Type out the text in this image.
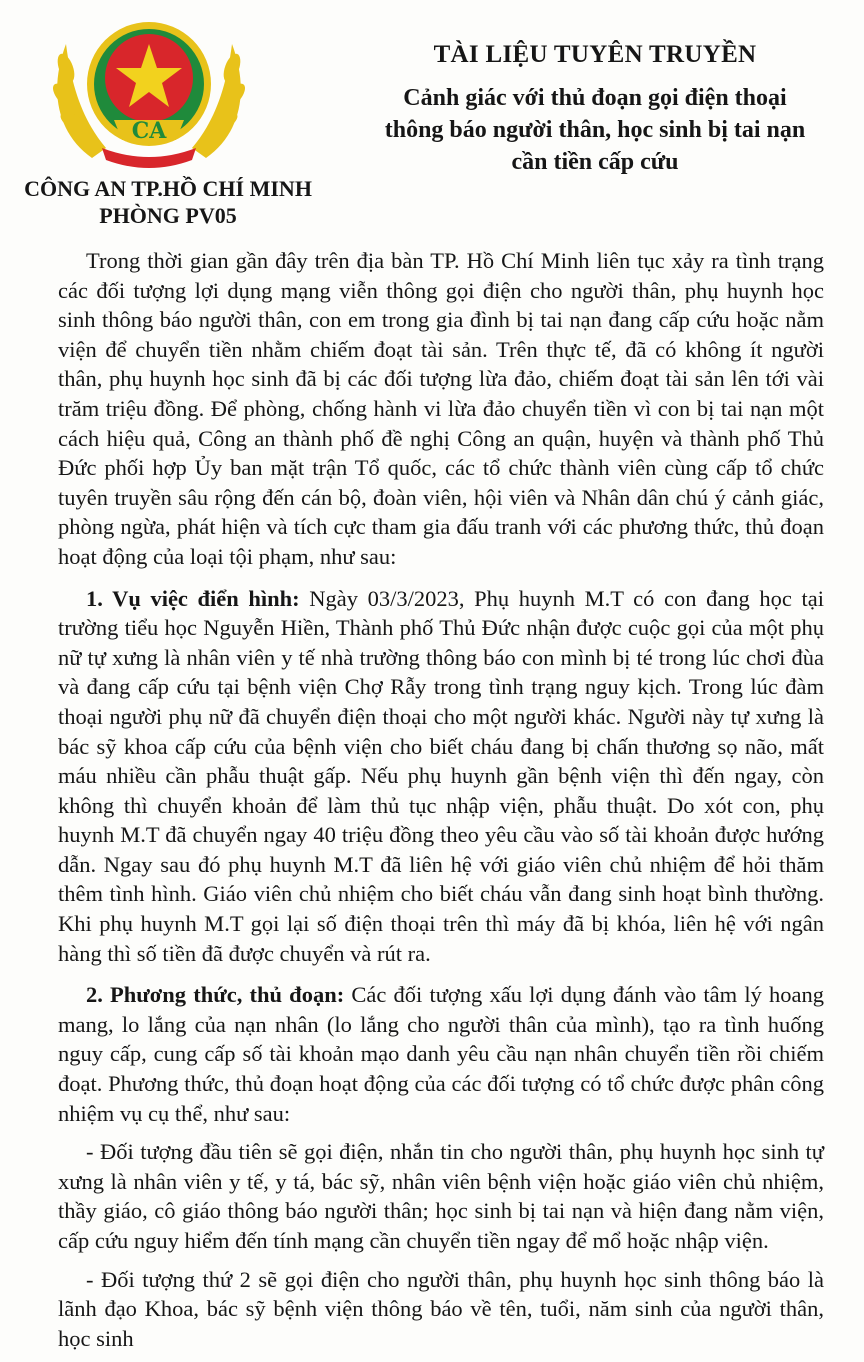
CA
CÔNG AN TP.HỒ CHÍ MINH
PHÒNG PV05
TÀI LIỆU TUYÊN TRUYỀN
Cảnh giác với thủ đoạn gọi điện thoại
thông báo người thân, học sinh bị tai nạn
cần tiền cấp cứu

Trong thời gian gần đây trên địa bàn TP. Hồ Chí Minh liên tục xảy ra tình trạng các đối tượng lợi dụng mạng viễn thông gọi điện cho người thân, phụ huynh học sinh thông báo người thân, con em trong gia đình bị tai nạn đang cấp cứu hoặc nằm viện để chuyển tiền nhằm chiếm đoạt tài sản. Trên thực tế, đã có không ít người thân, phụ huynh học sinh đã bị các đối tượng lừa đảo, chiếm đoạt tài sản lên tới vài trăm triệu đồng. Để phòng, chống hành vi lừa đảo chuyển tiền vì con bị tai nạn một cách hiệu quả, Công an thành phố đề nghị Công an quận, huyện và thành phố Thủ Đức phối hợp Ủy ban mặt trận Tổ quốc, các tổ chức thành viên cùng cấp tổ chức tuyên truyền sâu rộng đến cán bộ, đoàn viên, hội viên và Nhân dân chú ý cảnh giác, phòng ngừa, phát hiện và tích cực tham gia đấu tranh với các phương thức, thủ đoạn hoạt động của loại tội phạm, như sau:

1. Vụ việc điển hình: Ngày 03/3/2023, Phụ huynh M.T có con đang học tại trường tiểu học Nguyễn Hiền, Thành phố Thủ Đức nhận được cuộc gọi của một phụ nữ tự xưng là nhân viên y tế nhà trường thông báo con mình bị té trong lúc chơi đùa và đang cấp cứu tại bệnh viện Chợ Rẫy trong tình trạng nguy kịch. Trong lúc đàm thoại người phụ nữ đã chuyển điện thoại cho một người khác. Người này tự xưng là bác sỹ khoa cấp cứu của bệnh viện cho biết cháu đang bị chấn thương sọ não, mất máu nhiều cần phẫu thuật gấp. Nếu phụ huynh gần bệnh viện thì đến ngay, còn không thì chuyển khoản để làm thủ tục nhập viện, phẫu thuật. Do xót con, phụ huynh M.T đã chuyển ngay 40 triệu đồng theo yêu cầu vào số tài khoản được hướng dẫn. Ngay sau đó phụ huynh M.T đã liên hệ với giáo viên chủ nhiệm để hỏi thăm thêm tình hình. Giáo viên chủ nhiệm cho biết cháu vẫn đang sinh hoạt bình thường. Khi phụ huynh M.T gọi lại số điện thoại trên thì máy đã bị khóa, liên hệ với ngân hàng thì số tiền đã được chuyển và rút ra.

2. Phương thức, thủ đoạn: Các đối tượng xấu lợi dụng đánh vào tâm lý hoang mang, lo lắng của nạn nhân (lo lắng cho người thân của mình), tạo ra tình huống nguy cấp, cung cấp số tài khoản mạo danh yêu cầu nạn nhân chuyển tiền rồi chiếm đoạt. Phương thức, thủ đoạn hoạt động của các đối tượng có tổ chức được phân công nhiệm vụ cụ thể, như sau:

- Đối tượng đầu tiên sẽ gọi điện, nhắn tin cho người thân, phụ huynh học sinh tự xưng là nhân viên y tế, y tá, bác sỹ, nhân viên bệnh viện hoặc giáo viên chủ nhiệm, thầy giáo, cô giáo thông báo người thân; học sinh bị tai nạn và hiện đang nằm viện, cấp cứu nguy hiểm đến tính mạng cần chuyển tiền ngay để mổ hoặc nhập viện.

- Đối tượng thứ 2 sẽ gọi điện cho người thân, phụ huynh học sinh thông báo là lãnh đạo Khoa, bác sỹ bệnh viện thông báo về tên, tuổi, năm sinh của người thân, học sinh
